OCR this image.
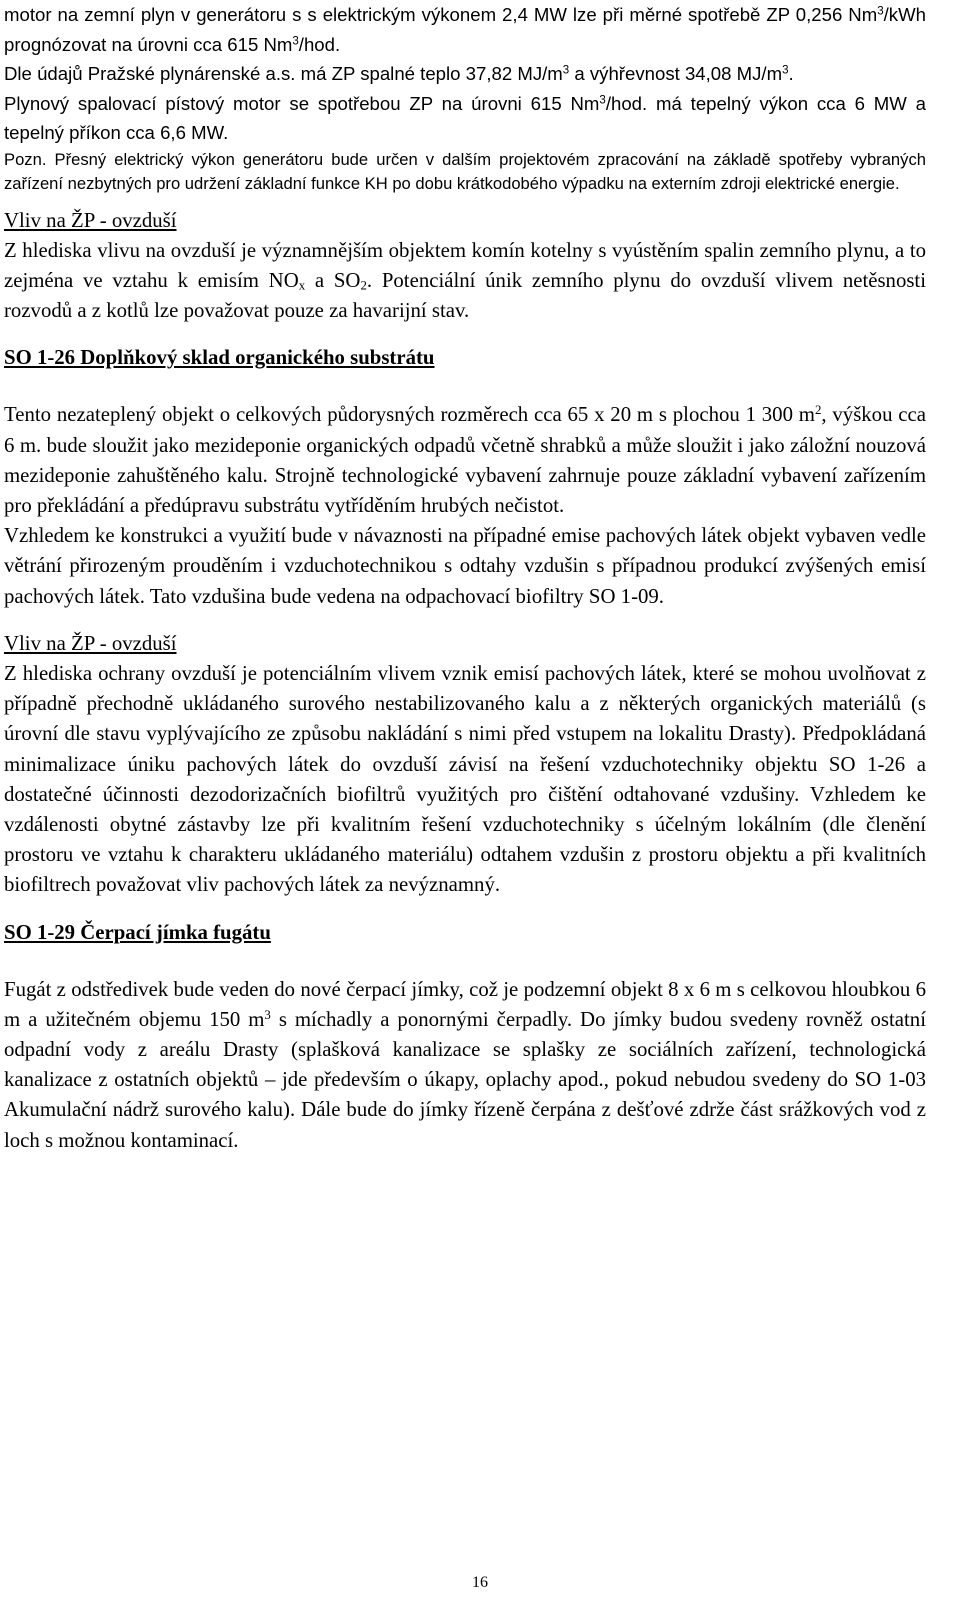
motor na zemní plyn v generátoru s s elektrickým výkonem 2,4 MW lze při měrné spotřebě ZP 0,256 Nm$^3$/kWh prognózovat na úrovni cca 615 Nm$^3$/hod.

Dle údajů Pražské plynárenské a.s. má ZP spalné teplo 37,82 $MJ/m^3$ a výhřevnost 34,08 $MJ/m^3$.

Plynový spalovací pístový motor se spotřebou ZP na úrovni 615 Nm$^3$/hod. má tepelný výkon cca 6 MW a tepelný příkon cca 6,6 MW.

Pozn. Přesný elektrický výkon generátoru bude určen v dalším projektovém zpracování na základě spotřeby vybraných zařízení nezbytných pro udržení základní funkce KH po dobu krátkodobého výpadku na externím zdroji elektrické energie.

Vliv na ŽP - ovzduší

Z hlediska vlivu na ovzduší je významnějším objektem komín kotelny s vyústěním spalin zemního plynu, a to zejména ve vztahu k emisím $NO_x$ a $SO_2$. Potenciální únik zemního plynu do ovzduší vlivem netěsnosti rozvodů a z kotlů lze považovat pouze za havarijní stav.

SO 1-26 Doplňkový sklad organického substrátu

Tento nezateplený objekt o celkových půdorysných rozměrech cca 65 x 20 m s plochou 1 300 $m^2$, výškou cca 6 m. bude sloužit jako mezideponie organických odpadů včetně shrabků a může sloužit i jako záložní nouzová mezideponie zahuštěného kalu. Strojně technologické vybavení zahrnuje pouze základní vybavení zařízením pro překládání a předúpravu substrátu vytříděním hrubých nečistot.

Vzhledem ke konstrukci a využití bude v návaznosti na případné emise pachových látek objekt vybaven vedle větrání přirozeným prouděním i vzduchotechnikou s odtahy vzdušin s případnou produkcí zvýšených emisí pachových látek. Tato vzdušina bude vedena na odpachovací biofiltry SO 1-09.

Vliv na ŽP - ovzduší

Z hlediska ochrany ovzduší je potenciálním vlivem vznik emisí pachových látek, které se mohou uvolňovat z případně přechodně ukládaného surového nestabilizovaného kalu a z některých organických materiálů (s úrovní dle stavu vyplývajícího ze způsobu nakládání s nimi před vstupem na lokalitu Drasty). Předpokládaná minimalizace úniku pachových látek do ovzduší závisí na řešení vzduchotechniky objektu SO 1-26 a dostatečné účinnosti dezodorizačních biofiltrů využitých pro čištění odtahované vzdušiny. Vzhledem ke vzdálenosti obytné zástavby lze při kvalitním řešení vzduchotechniky s účelným lokálním (dle členění prostoru ve vztahu k charakteru ukládaného materiálu) odtahem vzdušin z prostoru objektu a při kvalitních biofiltrech považovat vliv pachových látek za nevýznamný.

SO 1-29 Čerpací jímka fugátu

Fugát z odstředivek bude veden do nové čerpací jímky, což je podzemní objekt 8 x 6 m s celkovou hloubkou 6 m a užitečném objemu 150 $m^3$ s míchadly a ponornými čerpadly. Do jímky budou svedeny rovněž ostatní odpadní vody z areálu Drasty (splašková kanalizace se splašky ze sociálních zařízení, technologická kanalizace z ostatních objektů – jde především o úkapy, oplachy apod., pokud nebudou svedeny do SO 1-03 Akumulační nádrž surového kalu). Dále bude do jímky řízeně čerpána z dešťové zdrže část srážkových vod z loch s možnou kontaminací.

16
